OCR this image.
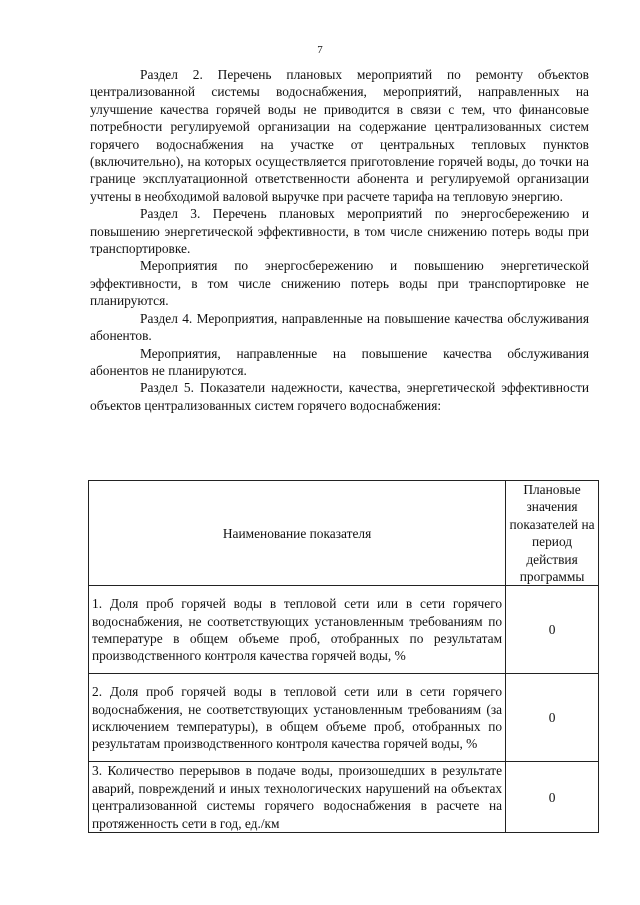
7

Раздел 2. Перечень плановых мероприятий по ремонту объектов централизованной системы водоснабжения, мероприятий, направленных на улучшение качества горячей воды не приводится в связи с тем, что финансовые потребности регулируемой организации на содержание централизованных систем горячего водоснабжения на участке от центральных тепловых пунктов (включительно), на которых осуществляется приготовление горячей воды, до точки на границе эксплуатационной ответственности абонента и регулируемой организации учтены в необходимой валовой выручке при расчете тарифа на тепловую энергию.

Раздел 3. Перечень плановых мероприятий по энергосбережению и повышению энергетической эффективности, в том числе снижению потерь воды при транспортировке.

Мероприятия по энергосбережению и повышению энергетической эффективности, в том числе снижению потерь воды при транспортировке не планируются.

Раздел 4. Мероприятия, направленные на повышение качества обслуживания абонентов.

Мероприятия, направленные на повышение качества обслуживания абонентов не планируются.

Раздел 5. Показатели надежности, качества, энергетической эффективности объектов централизованных систем горячего водоснабжения:

Наименование показателя	Плановые значения показателей на период действия программы
1. Доля проб горячей воды в тепловой сети или в сети горячего водоснабжения, не соответствующих установленным требованиям по температуре в общем объеме проб, отобранных по результатам производственного контроля качества горячей воды, %	0
2. Доля проб горячей воды в тепловой сети или в сети горячего водоснабжения, не соответствующих установленным требованиям (за исключением температуры), в общем объеме проб, отобранных по результатам производственного контроля качества горячей воды, %	0
3. Количество перерывов в подаче воды, произошедших в результате аварий, повреждений и иных технологических нарушений на объектах централизованной системы горячего водоснабжения в расчете на протяженность сети в год, ед./км	0
